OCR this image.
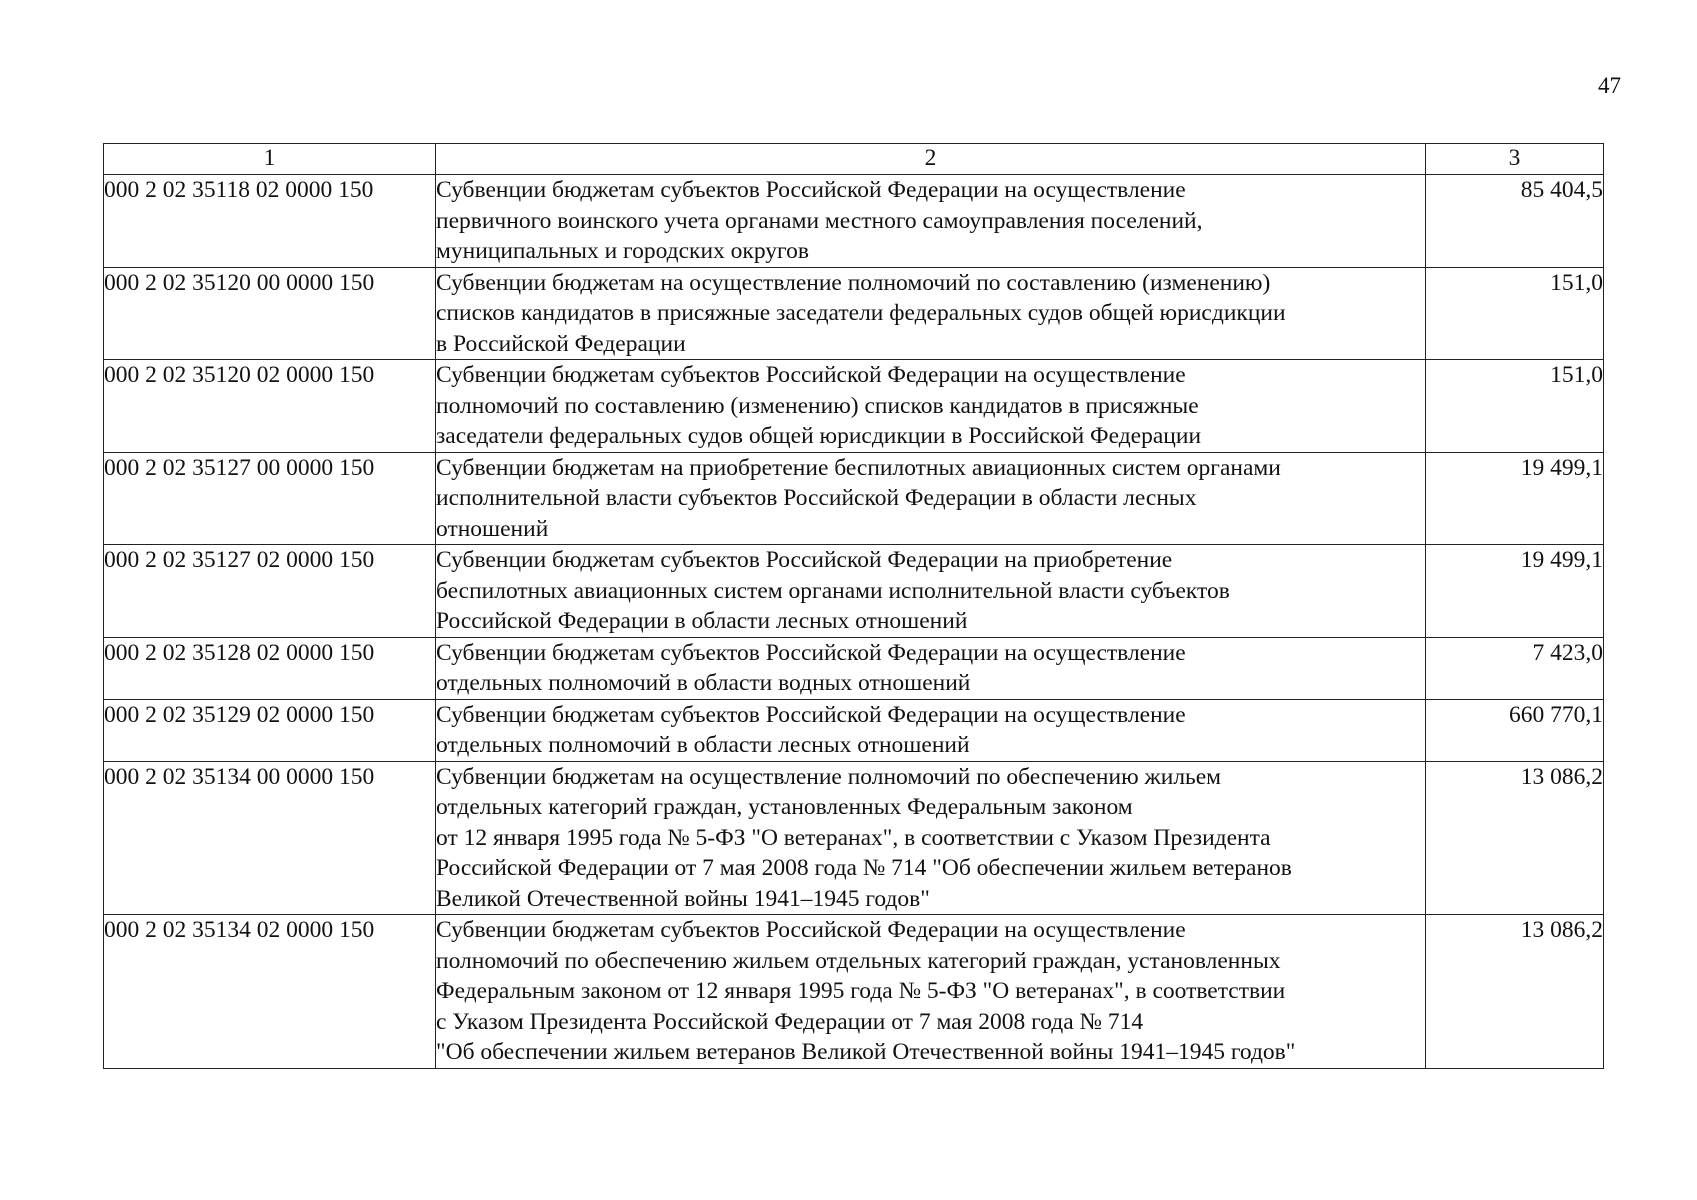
47
1	2	3
000 2 02 35118 02 0000 150	Субвенции бюджетам субъектов Российской Федерации на осуществление
первичного воинского учета органами местного самоуправления поселений,
муниципальных и городских округов	85 404,5
000 2 02 35120 00 0000 150	Субвенции бюджетам на осуществление полномочий по составлению (изменению)
списков кандидатов в присяжные заседатели федеральных судов общей юрисдикции
в Российской Федерации	151,0
000 2 02 35120 02 0000 150	Субвенции бюджетам субъектов Российской Федерации на осуществление
полномочий по составлению (изменению) списков кандидатов в присяжные
заседатели федеральных судов общей юрисдикции в Российской Федерации	151,0
000 2 02 35127 00 0000 150	Субвенции бюджетам на приобретение беспилотных авиационных систем органами
исполнительной власти субъектов Российской Федерации в области лесных
отношений	19 499,1
000 2 02 35127 02 0000 150	Субвенции бюджетам субъектов Российской Федерации на приобретение
беспилотных авиационных систем органами исполнительной власти субъектов
Российской Федерации в области лесных отношений	19 499,1
000 2 02 35128 02 0000 150	Субвенции бюджетам субъектов Российской Федерации на осуществление
отдельных полномочий в области водных отношений	7 423,0
000 2 02 35129 02 0000 150	Субвенции бюджетам субъектов Российской Федерации на осуществление
отдельных полномочий в области лесных отношений	660 770,1
000 2 02 35134 00 0000 150	Субвенции бюджетам на осуществление полномочий по обеспечению жильем
отдельных категорий граждан, установленных Федеральным законом
от 12 января 1995 года № 5-ФЗ "О ветеранах", в соответствии с Указом Президента
Российской Федерации от 7 мая 2008 года № 714 "Об обеспечении жильем ветеранов
Великой Отечественной войны 1941–1945 годов"	13 086,2
000 2 02 35134 02 0000 150	Субвенции бюджетам субъектов Российской Федерации на осуществление
полномочий по обеспечению жильем отдельных категорий граждан, установленных
Федеральным законом от 12 января 1995 года № 5-ФЗ "О ветеранах", в соответствии
с Указом Президента Российской Федерации от 7 мая 2008 года № 714
"Об обеспечении жильем ветеранов Великой Отечественной войны 1941–1945 годов"	13 086,2
